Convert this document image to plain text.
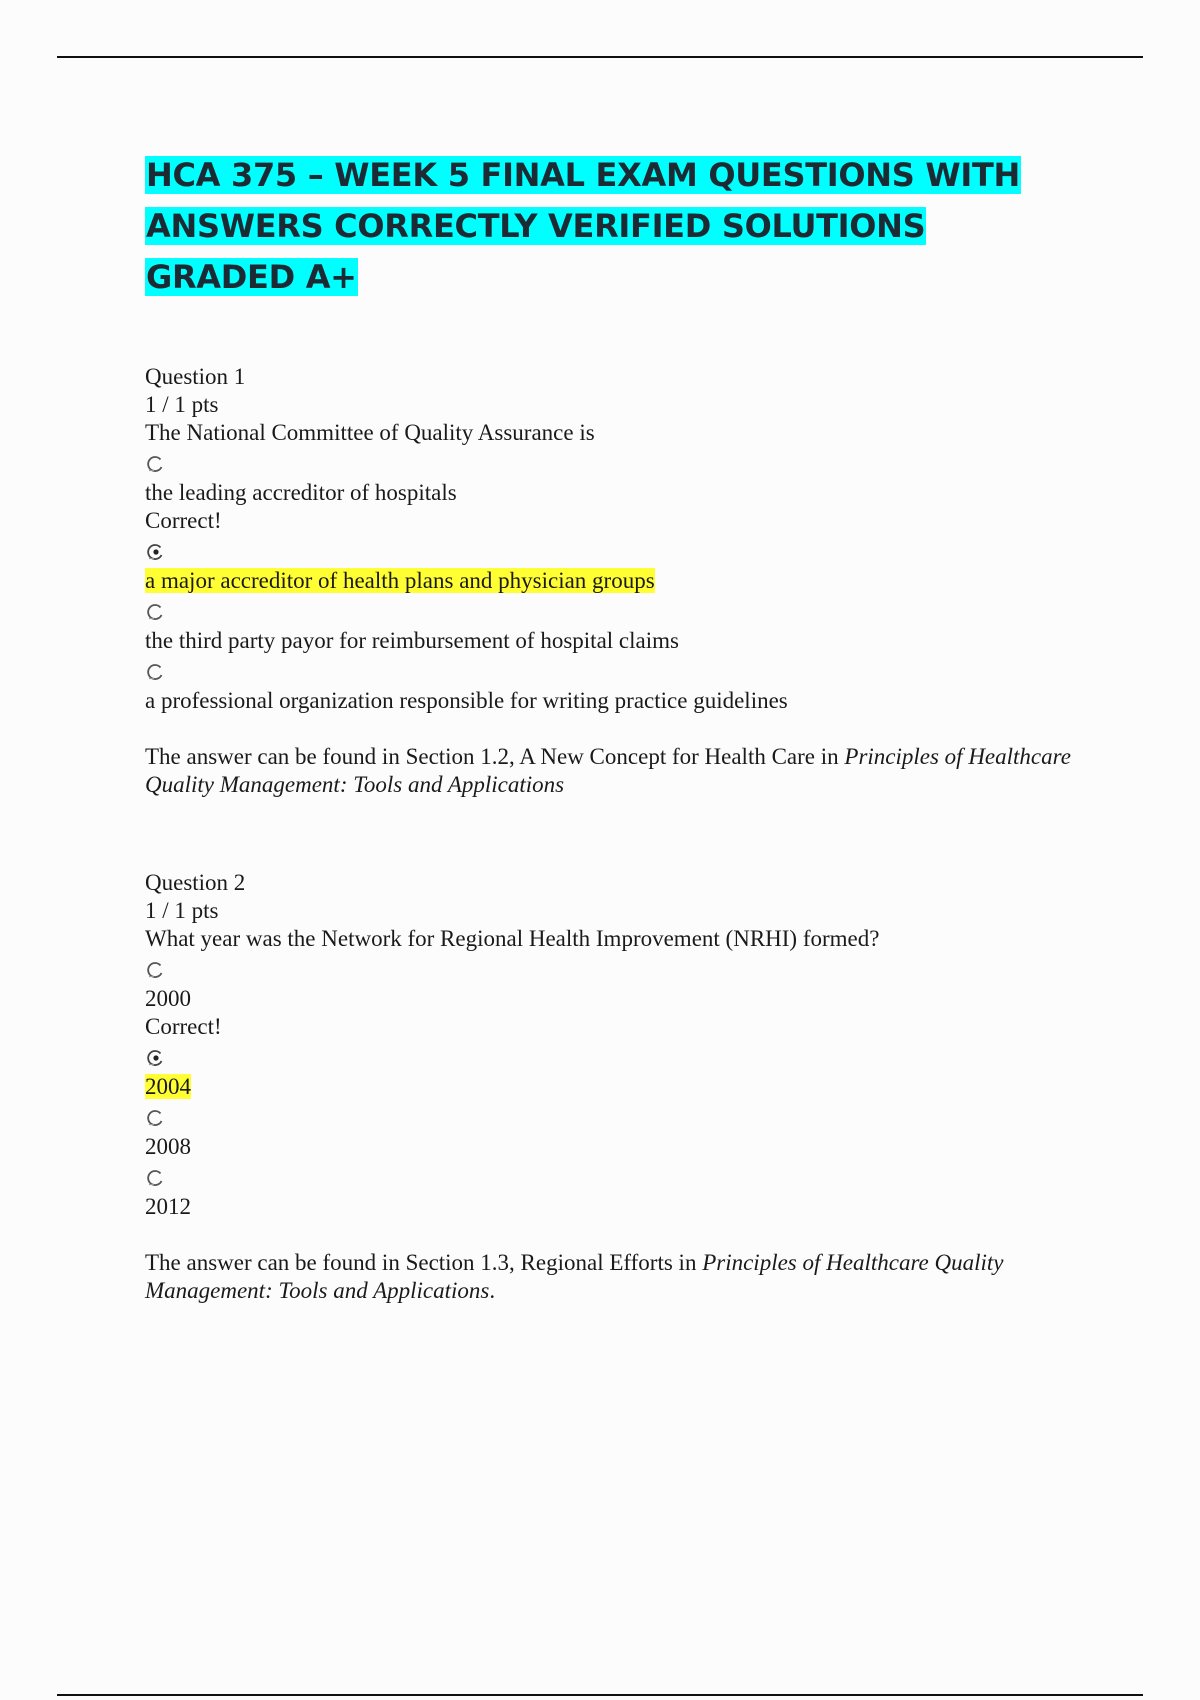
HCA 375 – WEEK 5 FINAL EXAM QUESTIONS WITH ANSWERS CORRECTLY VERIFIED SOLUTIONS GRADED A+

Question 1

1 / 1 pts

The National Committee of Quality Assurance is

the leading accreditor of hospitals

Correct!

a major accreditor of health plans and physician groups

the third party payor for reimbursement of hospital claims

a professional organization responsible for writing practice guidelines

The answer can be found in Section 1.2, A New Concept for Health Care in Principles of Healthcare Quality Management: Tools and Applications

Question 2

1 / 1 pts

What year was the Network for Regional Health Improvement (NRHI) formed?

2000

Correct!

2004

2008

2012

The answer can be found in Section 1.3, Regional Efforts in Principles of Healthcare Quality Management: Tools and Applications.
